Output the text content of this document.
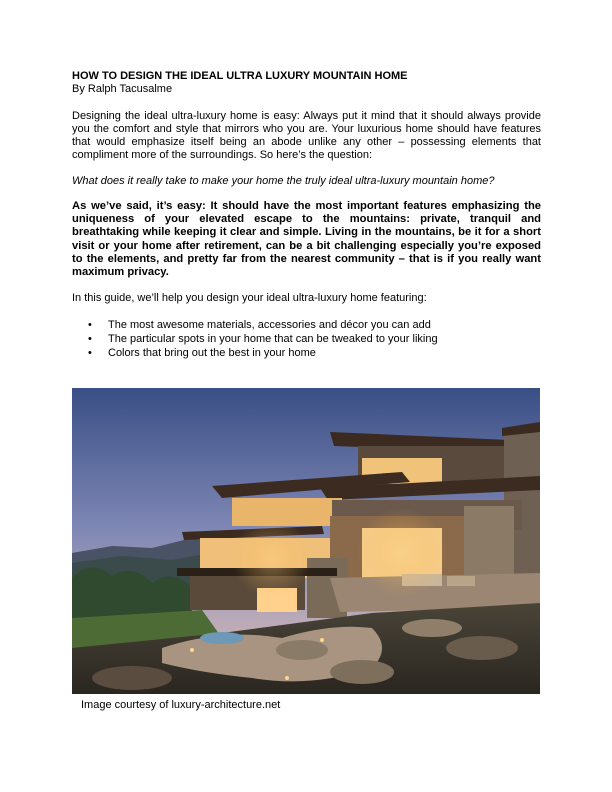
HOW TO DESIGN THE IDEAL ULTRA LUXURY MOUNTAIN HOME
By Ralph Tacusalme

Designing the ideal ultra-luxury home is easy: Always put it mind that it should always provide you the comfort and style that mirrors who you are. Your luxurious home should have features that would emphasize itself being an abode unlike any other – possessing elements that compliment more of the surroundings. So here’s the question:

What does it really take to make your home the truly ideal ultra-luxury mountain home?

As we’ve said, it’s easy: It should have the most important features emphasizing the uniqueness of your elevated escape to the mountains: private, tranquil and breathtaking while keeping it clear and simple. Living in the mountains, be it for a short visit or your home after retirement, can be a bit challenging especially you’re exposed to the elements, and pretty far from the nearest community – that is if you really want maximum privacy.

In this guide, we’ll help you design your ideal ultra-luxury home featuring:

• The most awesome materials, accessories and décor you can add
• The particular spots in your home that can be tweaked to your liking
• Colors that bring out the best in your home
Image courtesy of luxury-architecture.net
